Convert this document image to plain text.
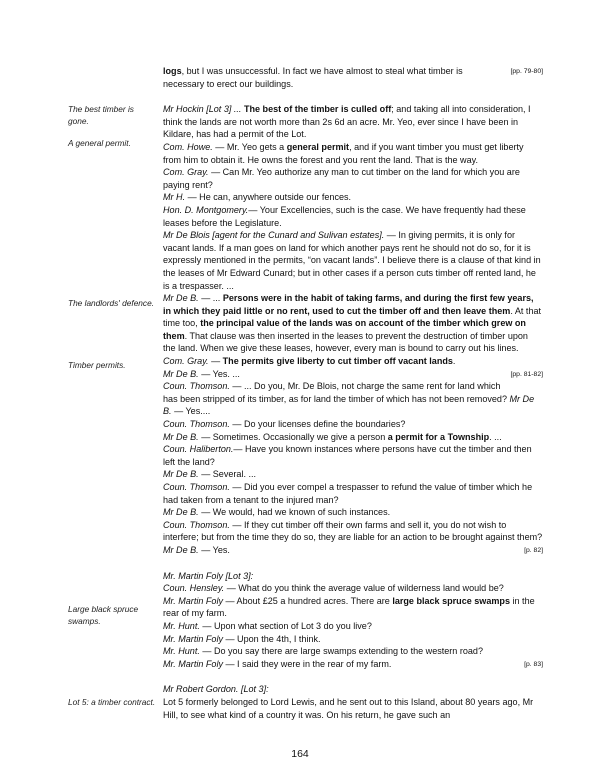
[pp. 79-80]
logs, but I was unsuccessful. In fact we have almost to steal what timber is necessary to erect our buildings.

Mr Hockin [Lot 3] ... The best of the timber is culled off; and taking all into consideration, I think the lands are not worth more than 2s 6d an acre. Mr. Yeo, ever since I have been in Kildare, has had a permit of the Lot.

Com. Howe. — Mr. Yeo gets a general permit, and if you want timber you must get liberty from him to obtain it. He owns the forest and you rent the land. That is the way.

Com. Gray. — Can Mr. Yeo authorize any man to cut timber on the land for which you are paying rent?

Mr H. — He can, anywhere outside our fences.

Hon. D. Montgomery.— Your Excellencies, such is the case. We have frequently had these leases before the Legislature.

Mr De Blois [agent for the Cunard and Sulivan estates]. — In giving permits, it is only for vacant lands. If a man goes on land for which another pays rent he should not do so, for it is expressly mentioned in the permits, “on vacant lands”. I believe there is a clause of that kind in the leases of Mr Edward Cunard; but in other cases if a person cuts timber off rented land, he is a trespasser. ...

Mr De B. — ... Persons were in the habit of taking farms, and during the first few years, in which they paid little or no rent, used to cut the timber off and then leave them. At that time too, the principal value of the lands was on account of the timber which grew on them. That clause was then inserted in the leases to prevent the destruction of timber upon the land. When we give these leases, however, every man is bound to carry out his lines.

Com. Gray. — The permits give liberty to cut timber off vacant lands.

[pp. 81-82]
Mr De B. — Yes. ...

Coun. Thomson. — ... Do you, Mr. De Blois, not charge the same rent for land which has been stripped of its timber, as for land the timber of which has not been removed? Mr De B. — Yes....

Coun. Thomson. — Do your licenses define the boundaries?

Mr De B. — Sometimes. Occasionally we give a person a permit for a Township. ...

Coun. Haliberton.— Have you known instances where persons have cut the timber and then left the land?

Mr De B. — Several. ...

Coun. Thomson. — Did you ever compel a trespasser to refund the value of timber which he had taken from a tenant to the injured man?

Mr De B. — We would, had we known of such instances.

Coun. Thomson. — If they cut timber off their own farms and sell it, you do not wish to interfere; but from the time they do so, they are liable for an action to be brought against them?

[p. 82]
Mr De B. — Yes.

Mr. Martin Foly [Lot 3]:

Coun. Hensley. — What do you think the average value of wilderness land would be?

Mr. Martin Foly — About £25 a hundred acres. There are large black spruce swamps in the rear of my farm.

Mr. Hunt. — Upon what section of Lot 3 do you live?

Mr. Martin Foly — Upon the 4th, I think.

Mr. Hunt. — Do you say there are large swamps extending to the western road?

[p. 83]
Mr. Martin Foly — I said they were in the rear of my farm.

Mr Robert Gordon. [Lot 3]:

Lot 5 formerly belonged to Lord Lewis, and he sent out to this Island, about 80 years ago, Mr Hill, to see what kind of a country it was. On his return, he gave such an

The best timber is gone.
A general permit.
The landlords' defence.
Timber permits.
Large black spruce swamps.
Lot 5: a timber contract.
164
